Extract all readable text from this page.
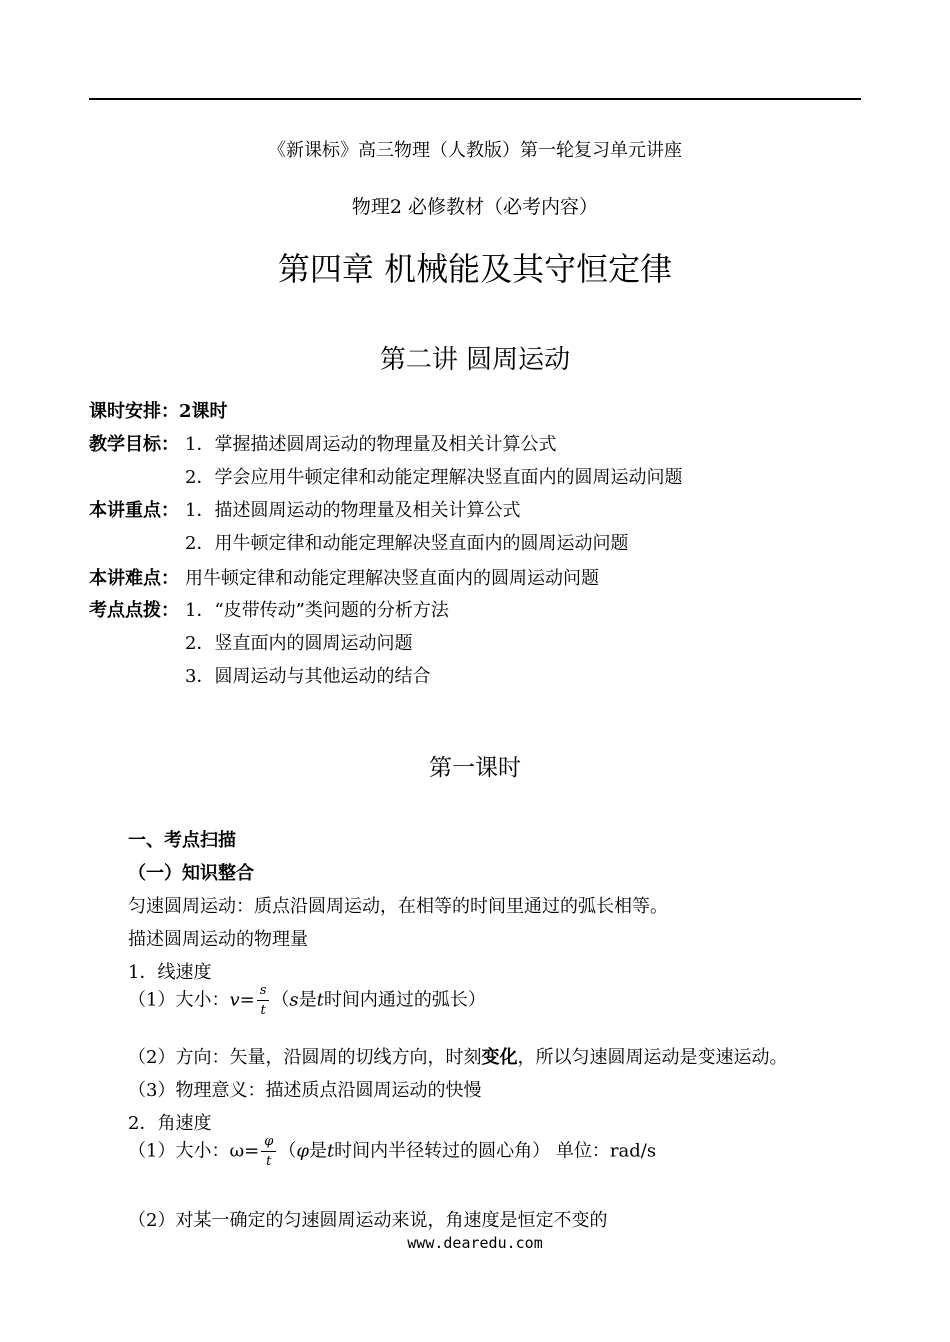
《新课标》高三物理（人教版）第一轮复习单元讲座
物理2 必修教材（必考内容）
第四章 机械能及其守恒定律
第二讲 圆周运动
课时安排：2课时
教学目标： 1．掌握描述圆周运动的物理量及相关计算公式
2．学会应用牛顿定律和动能定理解决竖直面内的圆周运动问题
本讲重点： 1．描述圆周运动的物理量及相关计算公式
2．用牛顿定律和动能定理解决竖直面内的圆周运动问题
本讲难点： 用牛顿定律和动能定理解决竖直面内的圆周运动问题
考点点拨： 1．“皮带传动”类问题的分析方法
2．竖直面内的圆周运动问题
3．圆周运动与其他运动的结合
第一课时
一、考点扫描
（一）知识整合
匀速圆周运动：质点沿圆周运动，在相等的时间里通过的弧长相等。
描述圆周运动的物理量
1．线速度
（1）大小：$v= \frac{s}{t} (s$是t时间内通过的弧长）
（2）方向：矢量，沿圆周的切线方向，时刻变化，所以匀速圆周运动是变速运动。
（3）物理意义：描述质点沿圆周运动的快慢
2．角速度
（1）大小：$\omega= \frac{\varphi}{t} (\varphi$是t时间内半径转过的圆心角） 单位：rad/s
（2）对某一确定的匀速圆周运动来说，角速度是恒定不变的
www.dearedu.com
